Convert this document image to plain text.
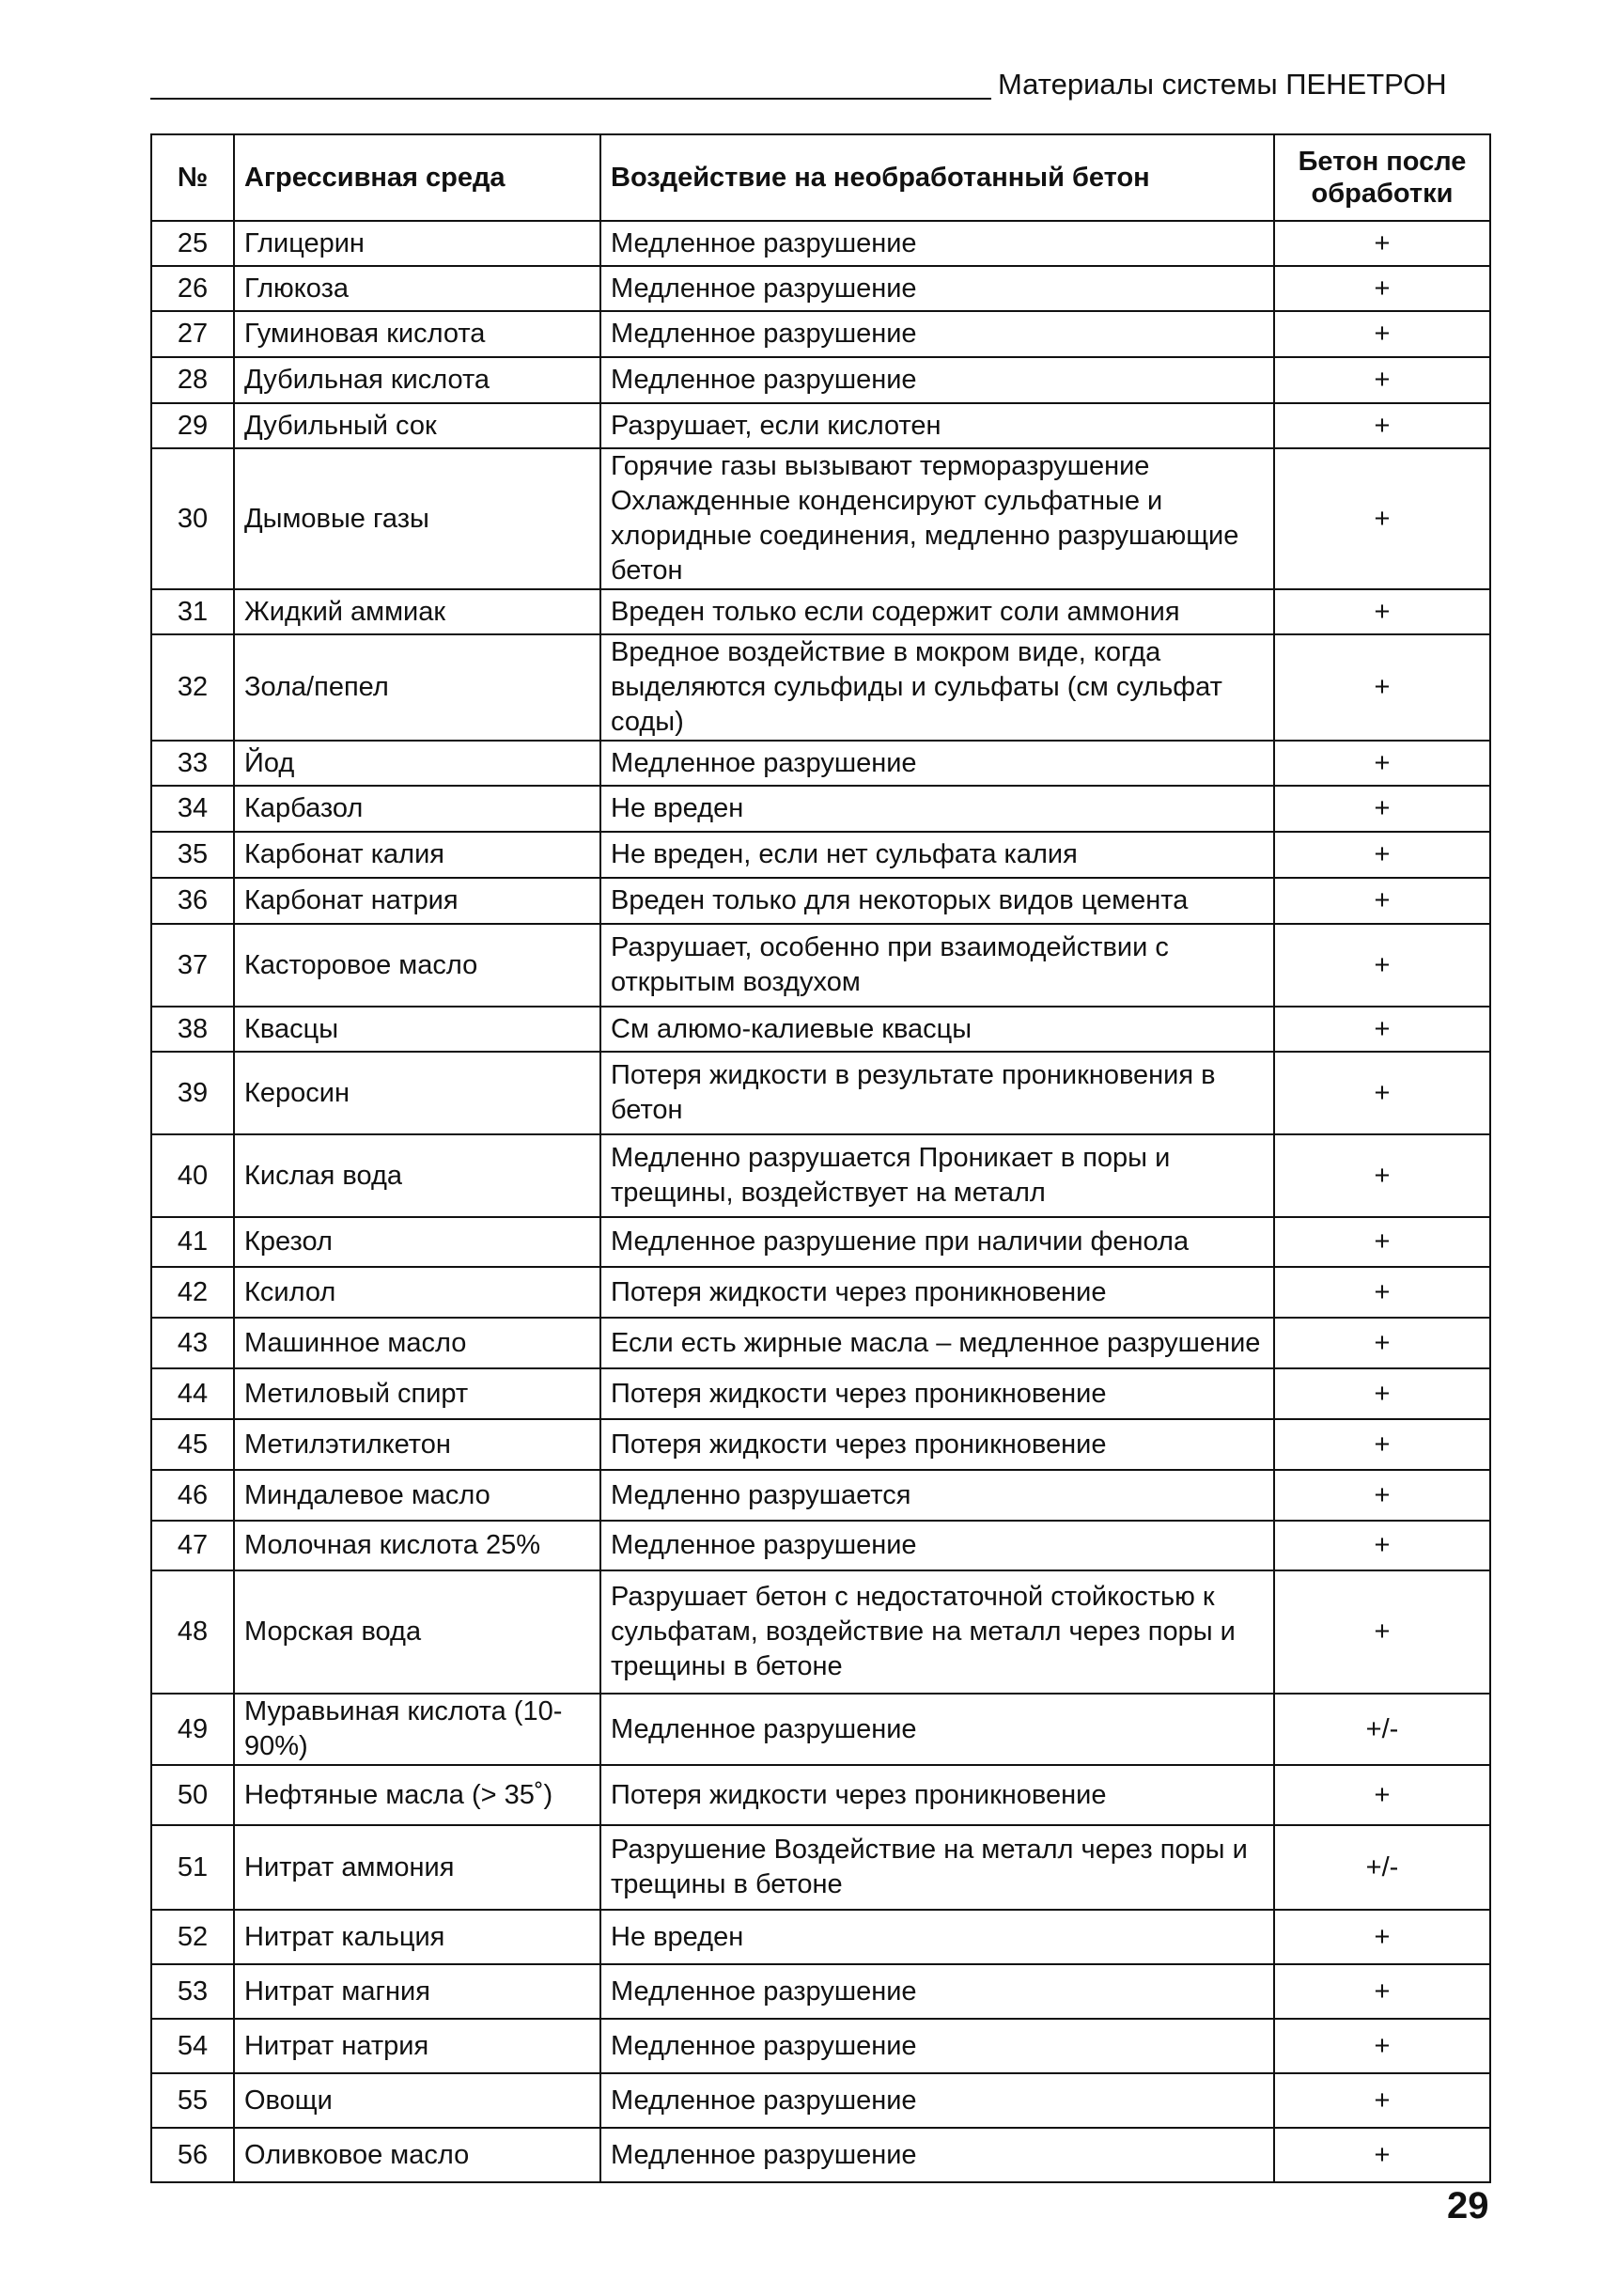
Материалы системы ПЕНЕТРОН
№	Агрессивная среда	Воздействие на необработанный бетон	Бетон после обработки
25	Глицерин	Медленное разрушение	+
26	Глюкоза	Медленное разрушение	+
27	Гуминовая кислота	Медленное разрушение	+
28	Дубильная кислота	Медленное разрушение	+
29	Дубильный сок	Разрушает, если кислотен	+
30	Дымовые газы	Горячие газы вызывают терморазрушение Охлажденные конденсируют сульфатные и хлоридные соединения, медленно разрушающие бетон	+
31	Жидкий аммиак	Вреден только если содержит соли аммония	+
32	Зола/пепел	Вредное воздействие в мокром виде, когда выделяются сульфиды и сульфаты (см сульфат соды)	+
33	Йод	Медленное разрушение	+
34	Карбазол	Не вреден	+
35	Карбонат калия	Не вреден, если нет сульфата калия	+
36	Карбонат натрия	Вреден только для некоторых видов цемента	+
37	Касторовое масло	Разрушает, особенно при взаимодействии с открытым воздухом	+
38	Квасцы	См алюмо-калиевые квасцы	+
39	Керосин	Потеря жидкости в результате проникновения в бетон	+
40	Кислая вода	Медленно разрушается Проникает в поры и трещины, воздействует на металл	+
41	Крезол	Медленное разрушение при наличии фенола	+
42	Ксилол	Потеря жидкости через проникновение	+
43	Машинное масло	Если есть жирные масла – медленное разрушение	+
44	Метиловый спирт	Потеря жидкости через проникновение	+
45	Метилэтилкетон	Потеря жидкости через проникновение	+
46	Миндалевое масло	Медленно разрушается	+
47	Молочная кислота 25%	Медленное разрушение	+
48	Морская вода	Разрушает бетон с недостаточной стойкостью к сульфатам, воздействие на металл через поры и трещины в бетоне	+
49	Муравьиная кислота (10-90%)	Медленное разрушение	+/-
50	Нефтяные масла (> 35˚)	Потеря жидкости через проникновение	+
51	Нитрат аммония	Разрушение Воздействие на металл через поры и трещины в бетоне	+/-
52	Нитрат кальция	Не вреден	+
53	Нитрат магния	Медленное разрушение	+
54	Нитрат натрия	Медленное разрушение	+
55	Овощи	Медленное разрушение	+
56	Оливковое масло	Медленное разрушение	+
29
